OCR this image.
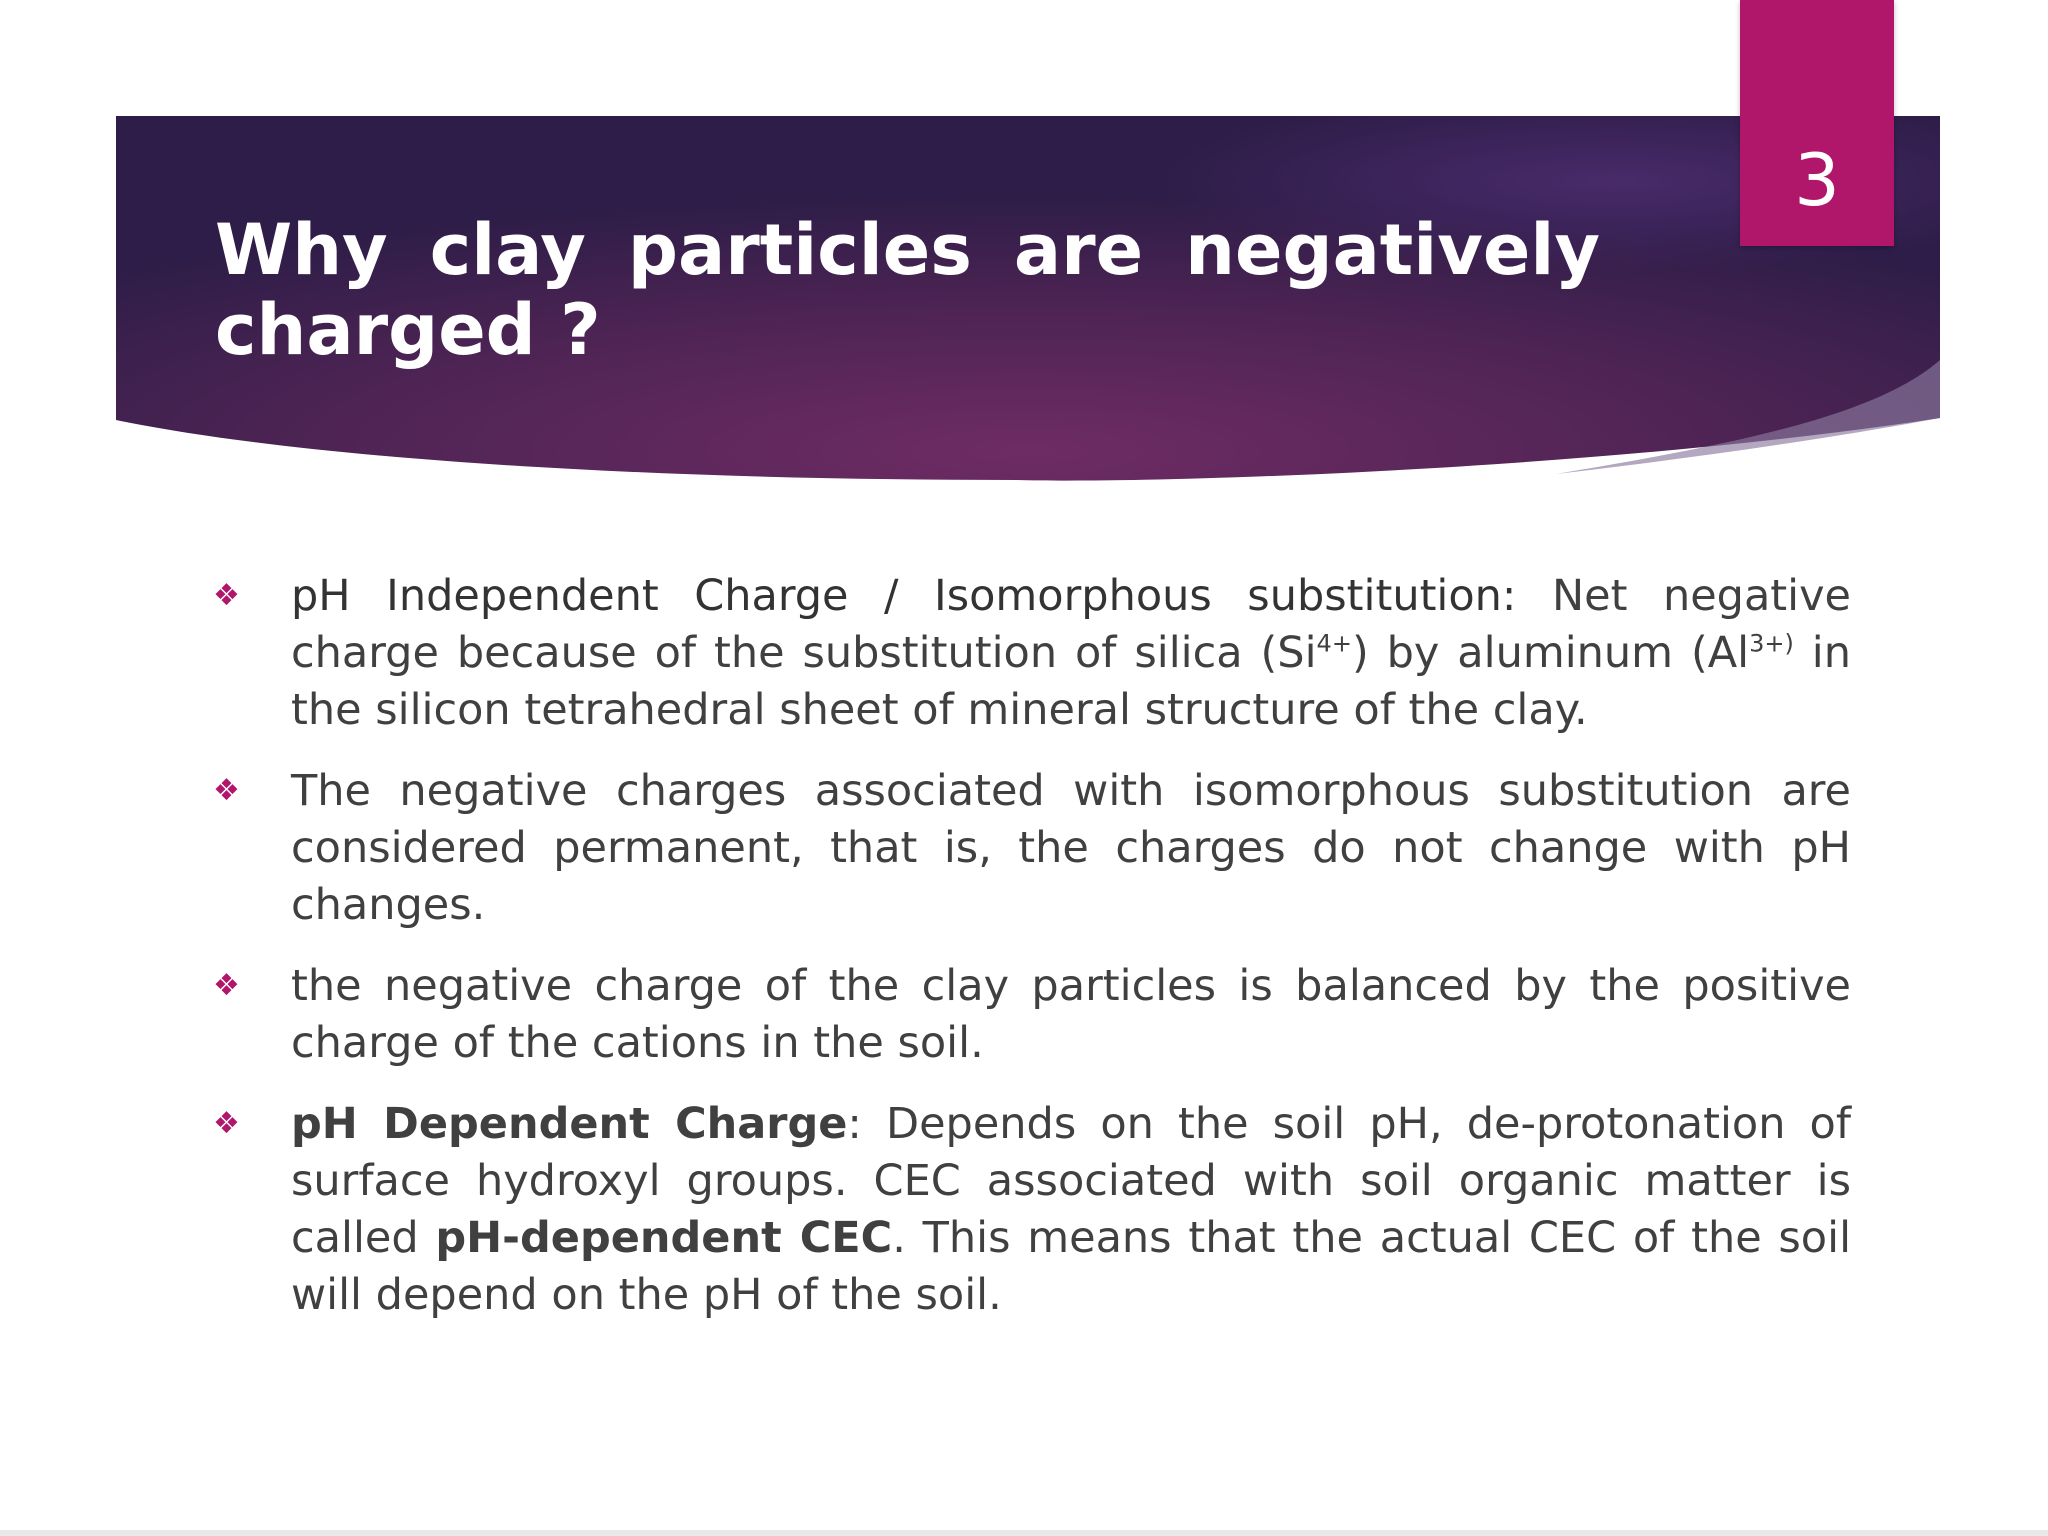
Why clay particles are negatively charged ?
3
❖ pH Independent Charge / Isomorphous substitution: Net negative charge because of the substitution of silica $(Si^{4+})$ by aluminum ($Al^{3+)}$ in the silicon tetrahedral sheet of mineral structure of the clay.
❖ The negative charges associated with isomorphous substitution are considered permanent, that is, the charges do not change with pH changes.
❖ the negative charge of the clay particles is balanced by the positive charge of the cations in the soil.
❖ pH Dependent Charge: Depends on the soil pH, de-protonation of surface hydroxyl groups. CEC associated with soil organic matter is called pH-dependent CEC. This means that the actual CEC of the soil will depend on the pH of the soil.
